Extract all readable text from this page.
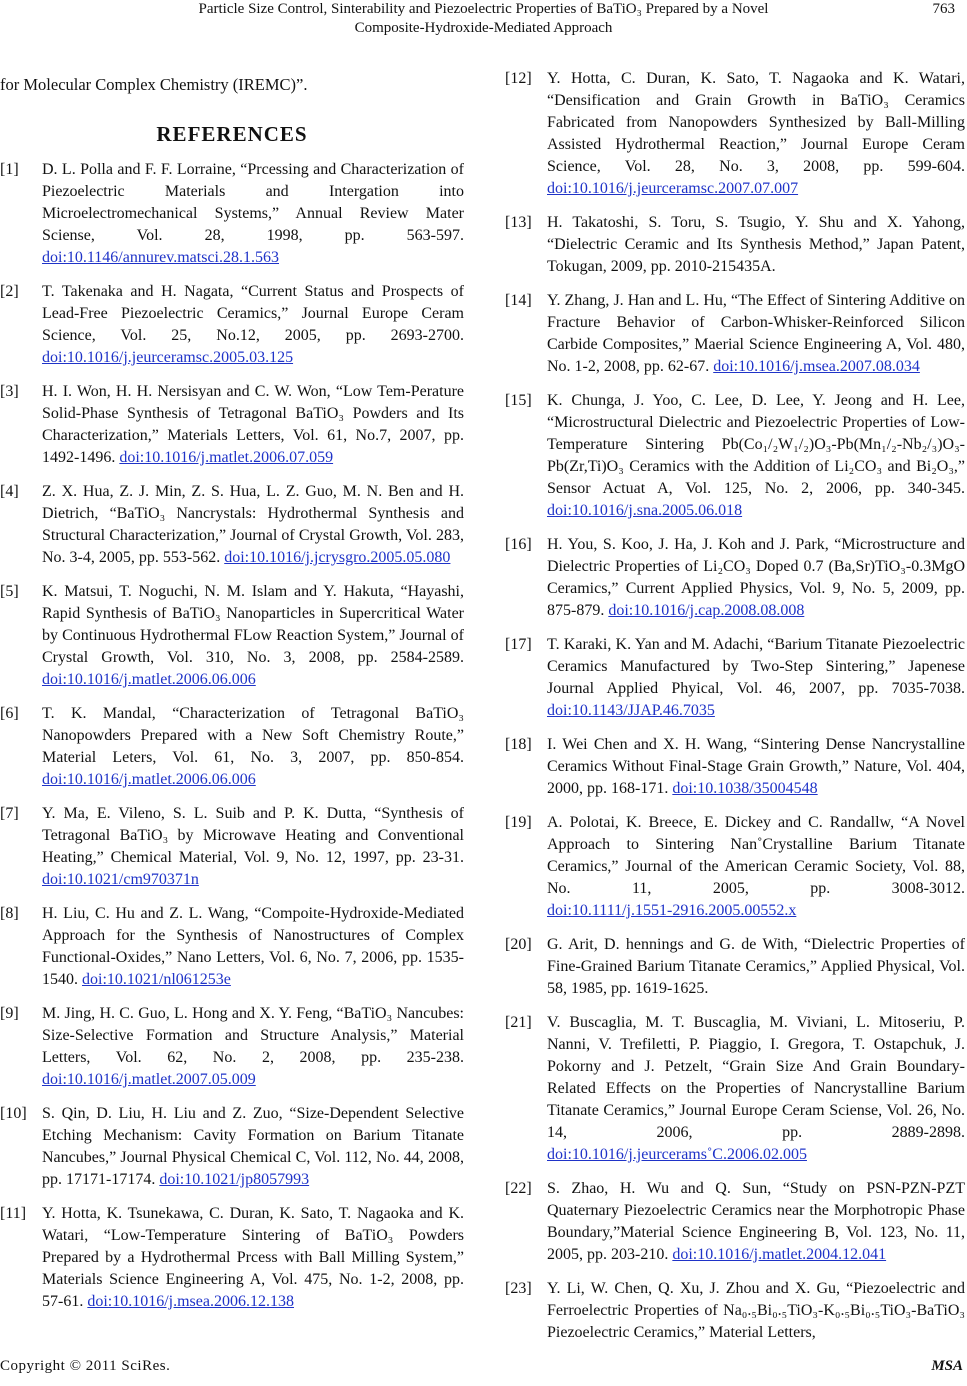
Particle Size Control, Sinterability and Piezoelectric Properties of BaTiO₃ Prepared by a Novel
Composite-Hydroxide-Mediated Approach
763

for Molecular Complex Chemistry (IREMC)”.

REFERENCES
[1]	D. L. Polla and F. F. Lorraine, “Prcessing and Characterization of Piezoelectric Materials and Intergation into Microelectromechanical Systems,” Annual Review Mater Sciense, Vol. 28, 1998, pp. 563-597. doi:10.1146/annurev.matsci.28.1.563
[2]	T. Takenaka and H. Nagata, “Current Status and Prospects of Lead-Free Piezoelectric Ceramics,” Journal Europe Ceram Science, Vol. 25, No.12, 2005, pp. 2693-2700. doi:10.1016/j.jeurceramsc.2005.03.125
[3]	H. I. Won, H. H. Nersisyan and C. W. Won, “Low Tem-Perature Solid-Phase Synthesis of Tetragonal BaTiO₃ Powders and Its Characterization,” Materials Letters, Vol. 61, No.7, 2007, pp. 1492-1496. doi:10.1016/j.matlet.2006.07.059
[4]	Z. X. Hua, Z. J. Min, Z. S. Hua, L. Z. Guo, M. N. Ben and H. Dietrich, “BaTiO₃ Nancrystals: Hydrothermal Synthesis and Structural Characterization,” Journal of Crystal Growth, Vol. 283, No. 3-4, 2005, pp. 553-562. doi:10.1016/j.jcrysgro.2005.05.080
[5]	K. Matsui, T. Noguchi, N. M. Islam and Y. Hakuta, “Hayashi, Rapid Synthesis of BaTiO₃ Nanoparticles in Supercritical Water by Continuous Hydrothermal FLow Reaction System,” Journal of Crystal Growth, Vol. 310, No. 3, 2008, pp. 2584-2589. doi:10.1016/j.matlet.2006.06.006
[6]	T. K. Mandal, “Characterization of Tetragonal BaTiO₃ Nanopowders Prepared with a New Soft Chemistry Route,” Material Leters, Vol. 61, No. 3, 2007, pp. 850-854. doi:10.1016/j.matlet.2006.06.006
[7]	Y. Ma, E. Vileno, S. L. Suib and P. K. Dutta, “Synthesis of Tetragonal BaTiO₃ by Microwave Heating and Conventional Heating,” Chemical Material, Vol. 9, No. 12, 1997, pp. 23-31. doi:10.1021/cm970371n
[8]	H. Liu, C. Hu and Z. L. Wang, “Compoite-Hydroxide-Mediated Approach for the Synthesis of Nanostructures of Complex Functional-Oxides,” Nano Letters, Vol. 6, No. 7, 2006, pp. 1535-1540. doi:10.1021/nl061253e
[9]	M. Jing, H. C. Guo, L. Hong and X. Y. Feng, “BaTiO₃ Nancubes: Size-Selective Formation and Structure Analysis,” Material Letters, Vol. 62, No. 2, 2008, pp. 235-238. doi:10.1016/j.matlet.2007.05.009
[10] S. Qin, D. Liu, H. Liu and Z. Zuo, “Size-Dependent Selective Etching Mechanism: Cavity Formation on Barium Titanate Nancubes,” Journal Physical Chemical C, Vol. 112, No. 44, 2008, pp. 17171-17174. doi:10.1021/jp8057993
[11] Y. Hotta, K. Tsunekawa, C. Duran, K. Sato, T. Nagaoka and K. Watari, “Low-Temperature Sintering of BaTiO₃ Powders Prepared by a Hydrothermal Prcess with Ball Milling System,” Materials Science Engineering A, Vol. 475, No. 1-2, 2008, pp. 57-61. doi:10.1016/j.msea.2006.12.138
[12] Y. Hotta, C. Duran, K. Sato, T. Nagaoka and K. Watari, “Densification and Grain Growth in BaTiO₃ Ceramics Fabricated from Nanopowders Synthesized by Ball-Milling Assisted Hydrothermal Reaction,” Journal Europe Ceram Science, Vol. 28, No. 3, 2008, pp. 599-604. doi:10.1016/j.jeurceramsc.2007.07.007
[13] H. Takatoshi, S. Toru, S. Tsugio, Y. Shu and X. Yahong, “Dielectric Ceramic and Its Synthesis Method,” Japan Patent, Tokugan, 2009, pp. 2010-215435A.
[14] Y. Zhang, J. Han and L. Hu, “The Effect of Sintering Additive on Fracture Behavior of Carbon-Whisker-Reinforced Silicon Carbide Composites,” Maerial Science Engineering A, Vol. 480, No. 1-2, 2008, pp. 62-67. doi:10.1016/j.msea.2007.08.034
[15] K. Chunga, J. Yoo, C. Lee, D. Lee, Y. Jeong and H. Lee, “Microstructural Dielectric and Piezoelectric Properties of Low-Temperature Sintering Pb(Co₁/₂W₁/₂)O₃-Pb(Mn₁/₂-Nb₂/₃)O₃-Pb(Zr,Ti)O₃ Ceramics with the Addition of Li₂CO₃ and Bi₂O₃,” Sensor Actuat A, Vol. 125, No. 2, 2006, pp. 340-345. doi:10.1016/j.sna.2005.06.018
[16] H. You, S. Koo, J. Ha, J. Koh and J. Park, “Microstructure and Dielectric Properties of Li₂CO₃ Doped 0.7 (Ba,Sr)TiO₃-0.3MgO Ceramics,” Current Applied Physics, Vol. 9, No. 5, 2009, pp. 875-879. doi:10.1016/j.cap.2008.08.008
[17] T. Karaki, K. Yan and M. Adachi, “Barium Titanate Piezoelectric Ceramics Manufactured by Two-Step Sintering,” Japenese Journal Applied Phyical, Vol. 46, 2007, pp. 7035-7038. doi:10.1143/JJAP.46.7035
[18] I. Wei Chen and X. H. Wang, “Sintering Dense Nancrystalline Ceramics Without Final-Stage Grain Growth,” Nature, Vol. 404, 2000, pp. 168-171. doi:10.1038/35004548
[19] A. Polotai, K. Breece, E. Dickey and C. Randallw, “A Novel Approach to Sintering Nan˚Crystalline Barium Titanate Ceramics,” Journal of the American Ceramic Society, Vol. 88, No. 11, 2005, pp. 3008-3012. doi:10.1111/j.1551-2916.2005.00552.x
[20] G. Arit, D. hennings and G. de With, “Dielectric Properties of Fine-Grained Barium Titanate Ceramics,” Applied Physical, Vol. 58, 1985, pp. 1619-1625.
[21] V. Buscaglia, M. T. Buscaglia, M. Viviani, L. Mitoseriu, P. Nanni, V. Trefiletti, P. Piaggio, I. Gregora, T. Ostapchuk, J. Pokorny and J. Petzelt, “Grain Size And Grain Boundary-Related Effects on the Properties of Nancrystalline Barium Titanate Ceramics,” Journal Europe Ceram Sciense, Vol. 26, No. 14, 2006, pp. 2889-2898. doi:10.1016/j.jeurcerams˚C.2006.02.005
[22] S. Zhao, H. Wu and Q. Sun, “Study on PSN-PZN-PZT Quaternary Piezoelectric Ceramics near the Morphotropic Phase Boundary,”Material Science Engineering B, Vol. 123, No. 11, 2005, pp. 203-210. doi:10.1016/j.matlet.2004.12.041
[23] Y. Li, W. Chen, Q. Xu, J. Zhou and X. Gu, “Piezoelectric and Ferroelectric Properties of Na₀.₅Bi₀.₅TiO₃-K₀.₅Bi₀.₅TiO₃-BaTiO₃ Piezoelectric Ceramics,” Material Letters,
Copyright © 2011 SciRes.	MSA
